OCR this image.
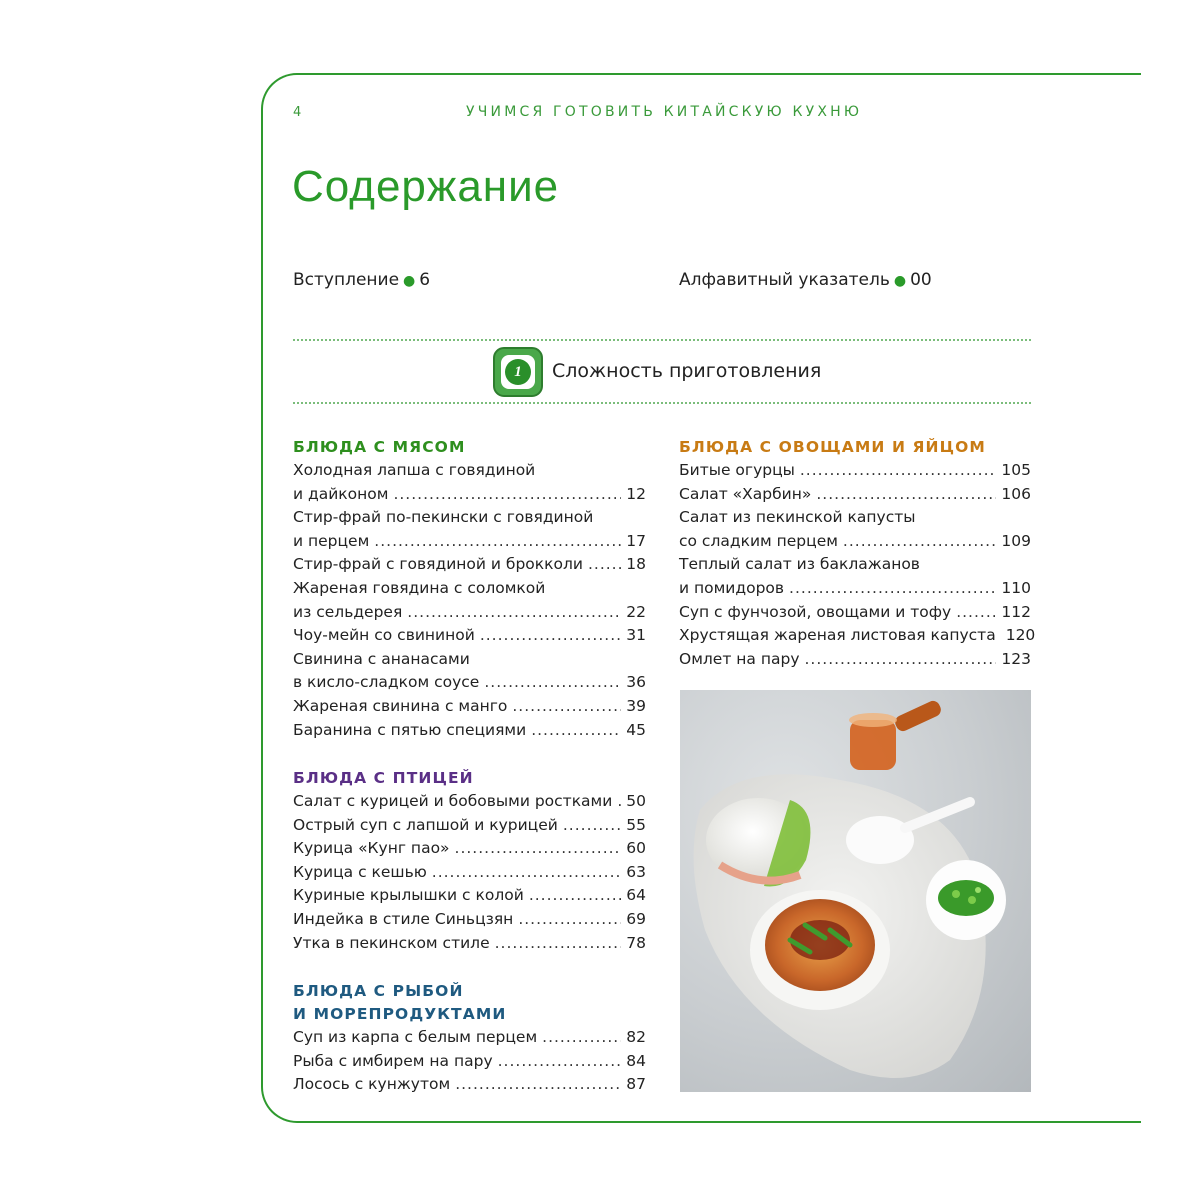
4	УЧИМСЯ ГОТОВИТЬ КИТАЙСКУЮ КУХНЮ
Содержание
Вступление ● 6	Алфавитный указатель ● 00
1	Сложность приготовления
БЛЮДА С МЯСОМ
Холодная лапша с говядиной
и дайконом .....	12
Стир-фрай по-пекински с говядиной
и перцем .....	17
Стир-фрай с говядиной и брокколи .....	18
Жареная говядина с соломкой
из сельдерея .....	22
Чоу-мейн со свининой .....	31
Свинина с ананасами
в кисло-сладком соусе .....	36
Жареная свинина с манго .....	39
Баранина с пятью специями .....	45
БЛЮДА С ПТИЦЕЙ
Салат с курицей и бобовыми ростками ..... 50
Острый суп с лапшой и курицей .....	55
Курица «Кунг пао» .....	60
Курица с кешью .....	63
Куриные крылышки с колой .....	64
Индейка в стиле Синьцзян .....	69
Утка в пекинском стиле .....	78
БЛЮДА С РЫБОЙ
И МОРЕПРОДУКТАМИ
Суп из карпа с белым перцем .....	82
Рыба с имбирем на пару .....	84
Лосось с кунжутом .....	87
БЛЮДА С ОВОЩАМИ И ЯЙЦОМ
Битые огурцы .....	105
Салат «Харбин» .....	106
Салат из пекинской капусты
со сладким перцем .....	109
Теплый салат из баклажанов
и помидоров .....	110
Суп с фунчозой, овощами и тофу .....	112
Хрустящая жареная листовая капуста 120
Омлет на пару .....	123
